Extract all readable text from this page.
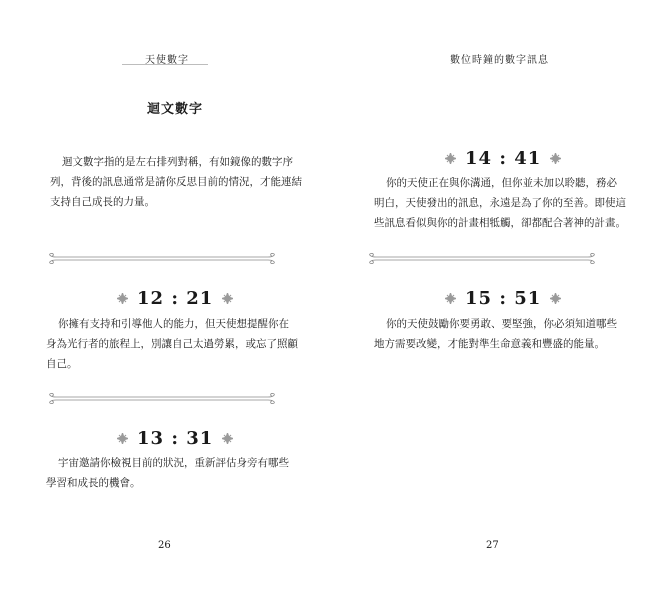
天使數字
迴文數字

迴文數字指的是左右排列對稱，有如鏡像的數字序
列，背後的訊息通常是請你反思目前的情況，才能連結
支持自己成長的力量。

12 : 21

你擁有支持和引導他人的能力，但天使想提醒你在
身為光行者的旅程上，別讓自己太過勞累，或忘了照顧
自己。

13 : 31

宇宙邀請你檢視目前的狀況，重新評估身旁有哪些
學習和成長的機會。

26
數位時鐘的數字訊息
14 : 41

你的天使正在與你溝通，但你並未加以聆聽，務必
明白，天使發出的訊息，永遠是為了你的至善。即使這
些訊息看似與你的計畫相牴觸，卻都配合著神的計畫。

15 : 51

你的天使鼓勵你要勇敢、要堅強，你必須知道哪些
地方需要改變，才能對準生命意義和豐盛的能量。

27
